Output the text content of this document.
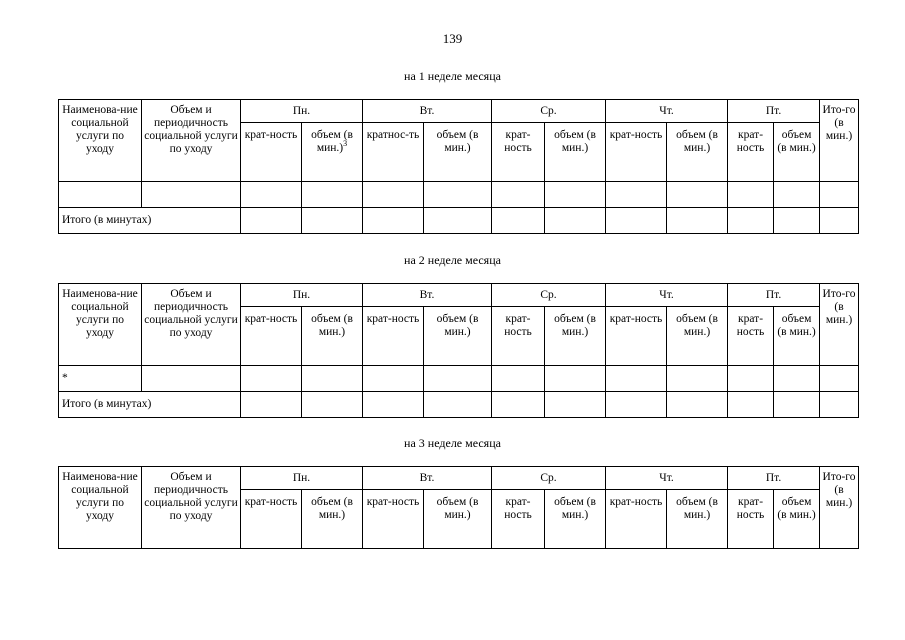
139
на 1 неделе месяца
Наименова-ние социальной услуги по уходу	Объем и периодичность социальной услуги по уходу	Пн.		Вт.		Ср.		Чт.		Пт.		Ито-го (в мин.)
		крат-ность	объем (в мин.)$^3$	кратнос-ть	объем (в мин.)	крат-ность	объем (в мин.)	крат-ность	объем (в мин.)	крат-ность	объем (в мин.)	

Итого (в минутах)												
на 2 неделе месяца
Наименова-ние социальной услуги по уходу	Объем и периодичность социальной услуги по уходу	Пн.		Вт.		Ср.		Чт.		Пт.		Ито-го (в мин.)
		крат-ность	объем (в мин.)	крат-ность	объем (в мин.)	крат-ность	объем (в мин.)	крат-ность	объем (в мин.)	крат-ность	объем (в мин.)	
*												
Итого (в минутах)												
на 3 неделе месяца
Наименова-ние социальной услуги по уходу	Объем и периодичность социальной услуги по уходу	Пн.		Вт.		Ср.		Чт.		Пт.		Ито-го (в мин.)
		крат-ность	объем (в мин.)	крат-ность	объем (в мин.)	крат-ность	объем (в мин.)	крат-ность	объем (в мин.)	крат-ность	объем (в мин.)	
